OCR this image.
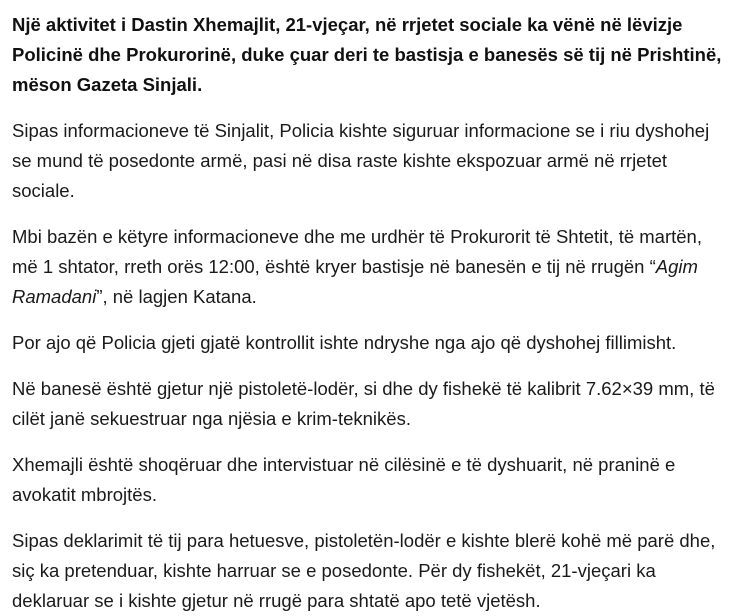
Një aktivitet i Dastin Xhemajlit, 21-vjeçar, në rrjetet sociale ka vënë në lëvizje Policinë dhe Prokurorinë, duke çuar deri te bastisja e banesës së tij në Prishtinë, mëson Gazeta Sinjali.

Sipas informacioneve të Sinjalit, Policia kishte siguruar informacione se i riu dyshohej se mund të posedonte armë, pasi në disa raste kishte ekspozuar armë në rrjetet sociale.

Mbi bazën e këtyre informacioneve dhe me urdhër të Prokurorit të Shtetit, të martën, më 1 shtator, rreth orës 12:00, është kryer bastisje në banesën e tij në rrugën “Agim Ramadani”, në lagjen Katana.

Por ajo që Policia gjeti gjatë kontrollit ishte ndryshe nga ajo që dyshohej fillimisht.

Në banesë është gjetur një pistoletë-lodër, si dhe dy fishekë të kalibrit 7.62×39 mm, të cilët janë sekuestruar nga njësia e krim-teknikës.

Xhemajli është shoqëruar dhe intervistuar në cilësinë e të dyshuarit, në praninë e avokatit mbrojtës.

Sipas deklarimit të tij para hetuesve, pistoletën-lodër e kishte blerë kohë më parë dhe, siç ka pretenduar, kishte harruar se e posedonte. Për dy fishekët, 21-vjeçari ka deklaruar se i kishte gjetur në rrugë para shtatë apo tetë vjetësh.
